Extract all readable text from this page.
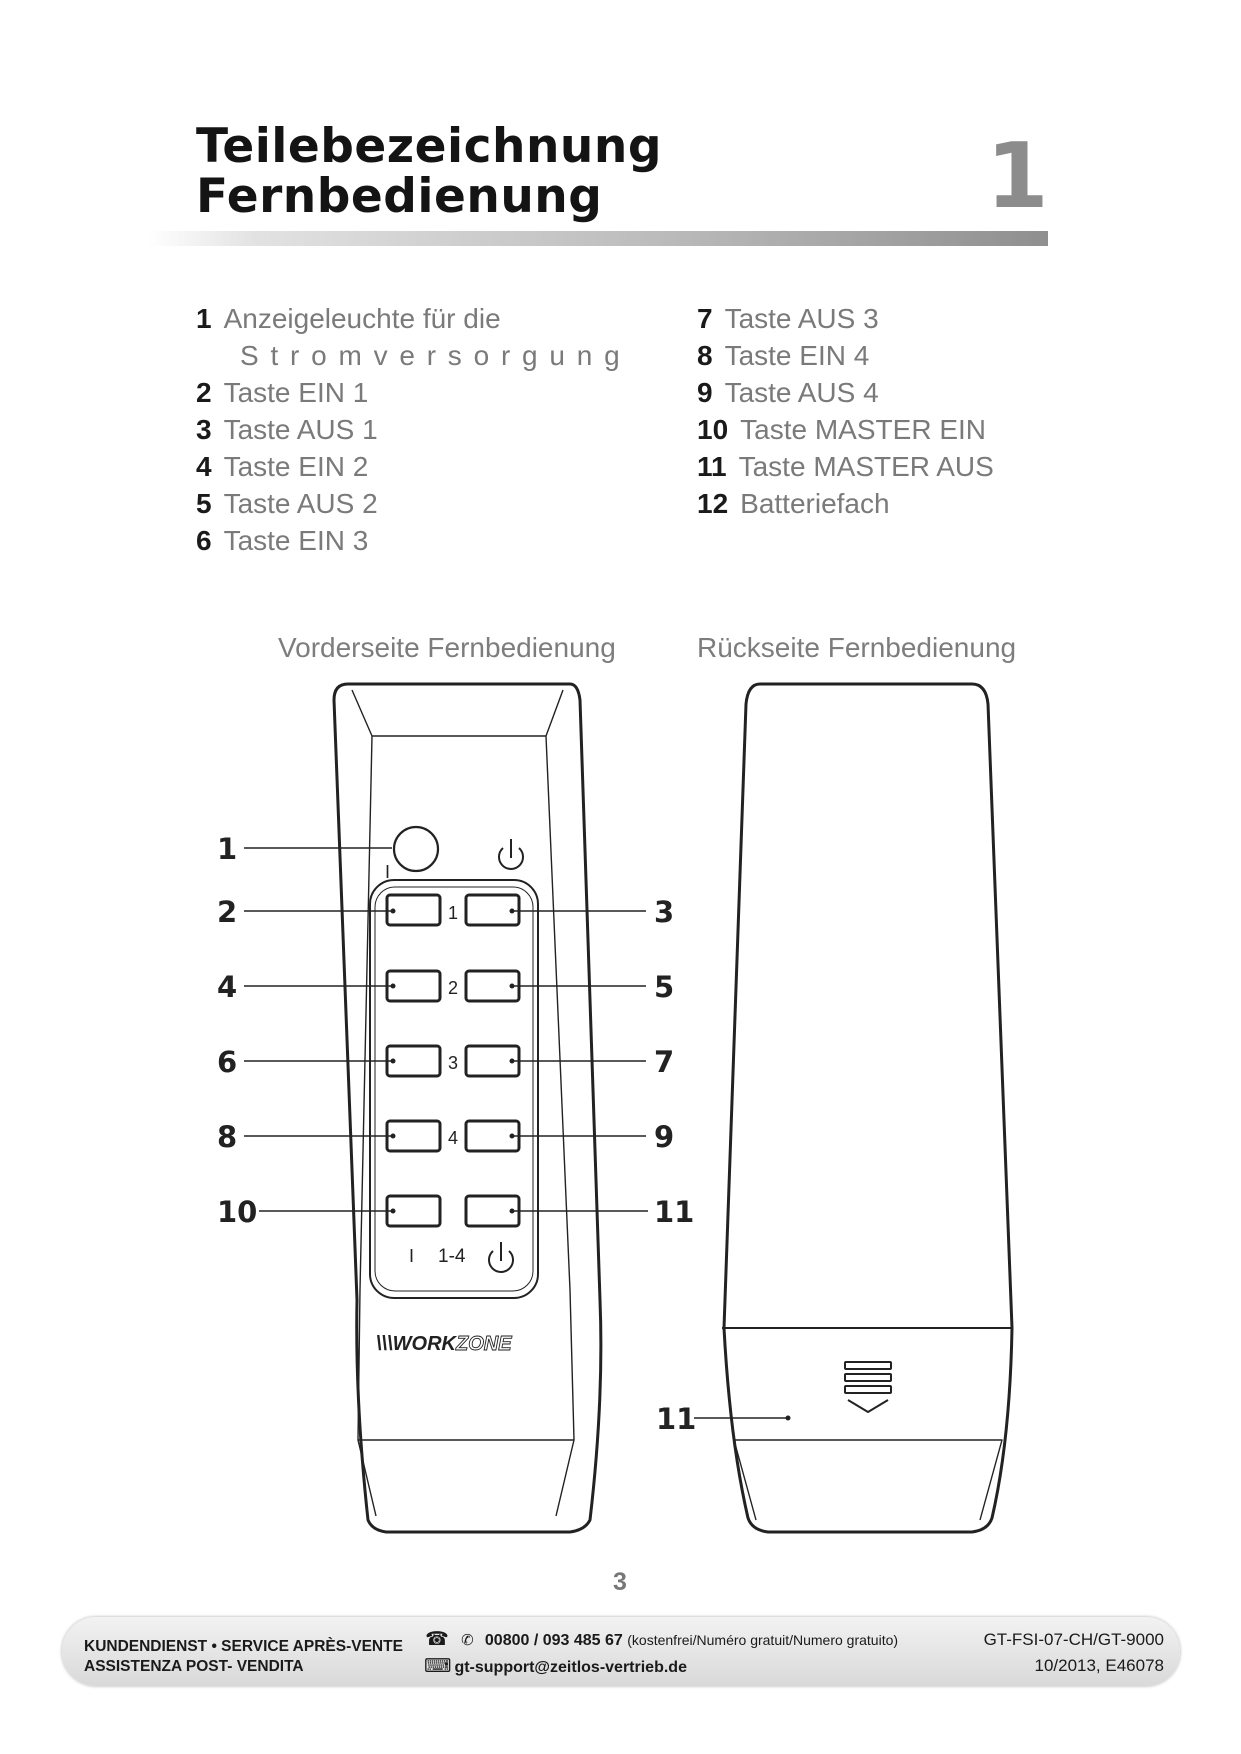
Teilebezeichnung
Fernbedienung	1
1 Anzeigeleuchte für die
S t r o m v e r s o r g u n g
2 Taste EIN 1
3 Taste AUS 1
4 Taste EIN 2
5 Taste AUS 2
6 Taste EIN 3
7 Taste AUS 3
8 Taste EIN 4
9 Taste AUS 4
10 Taste MASTER EIN
11 Taste MASTER AUS
12 Batteriefach
Vorderseite Fernbedienung	Rückseite Fernbedienung
I
1
2
3
4
I 1-4
\\\WORKZONE
1
2	3
4	5
6	7
8	9
10	11
11
3
KUNDENDIENST • SERVICE APRÈS-VENTE
ASSISTENZA POST- VENDITA
☎ ✆ 00800 / 093 485 67 (kostenfrei/Numéro gratuit/Numero gratuito)
⌨ gt-support@zeitlos-vertrieb.de
GT-FSI-07-CH/GT-9000
10/2013, E46078
